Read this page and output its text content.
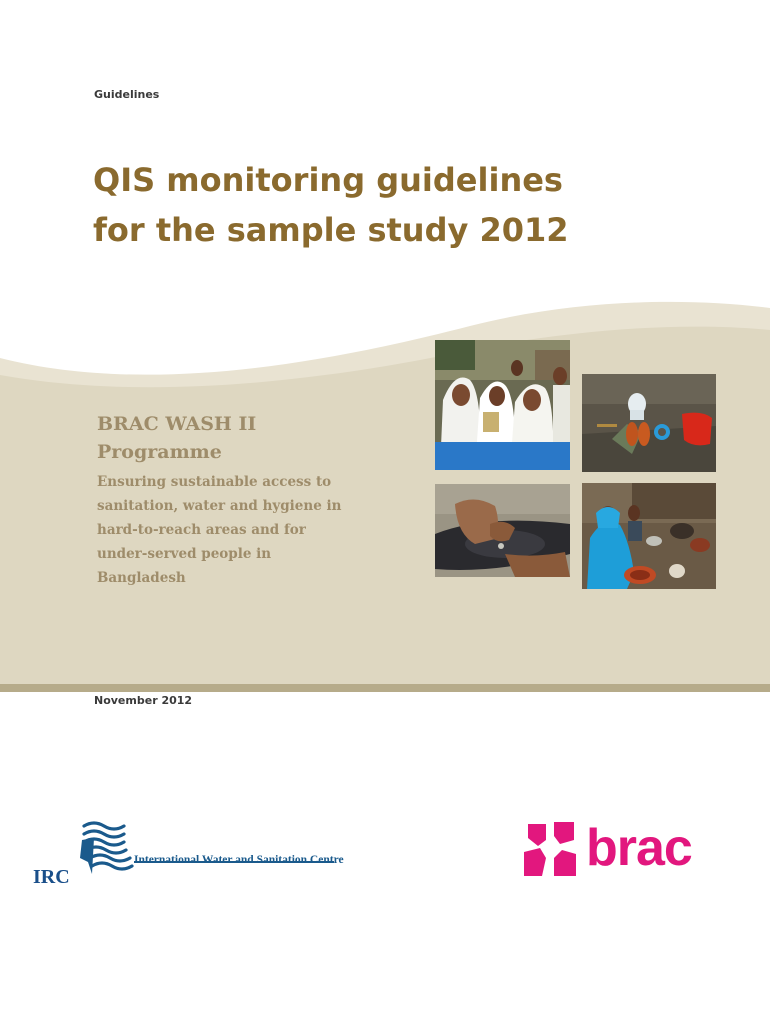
Guidelines
QIS monitoring guidelines
for the sample study 2012
BRAC WASH II
Programme
Ensuring sustainable access to
sanitation, water and hygiene in
hard-to-reach areas and for
under-served people in
Bangladesh
November 2012
International Water and Sanitation Centre
IRC	brac
